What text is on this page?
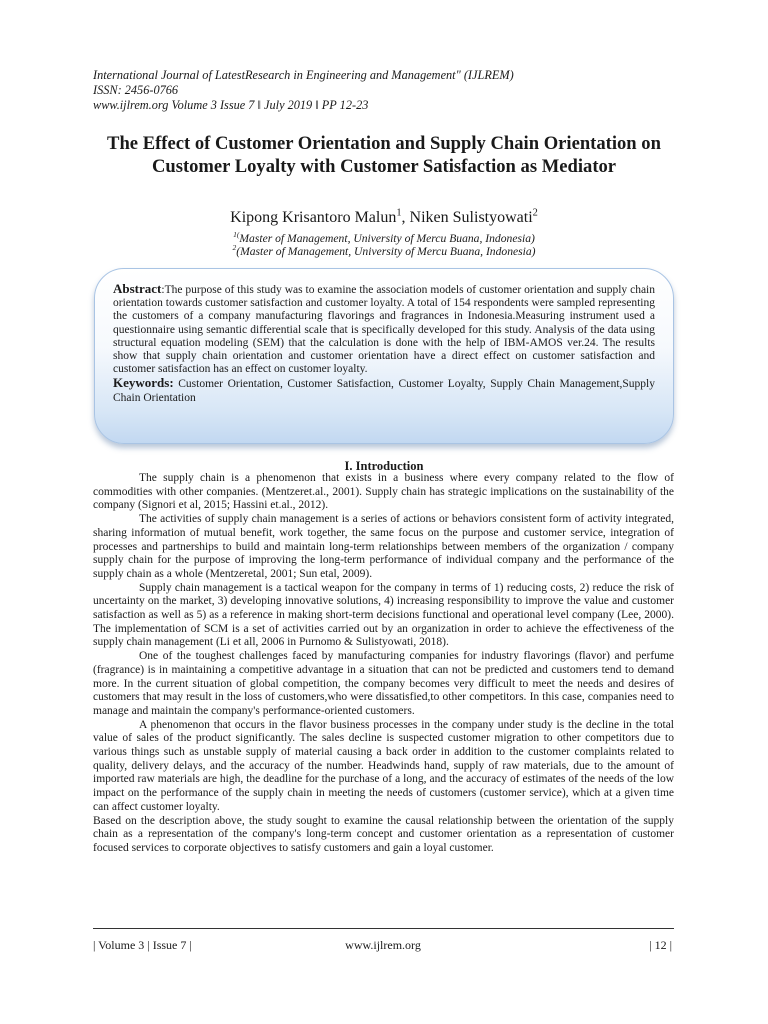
International Journal of LatestResearch in Engineering and Management" (IJLREM)
ISSN: 2456-0766
www.ijlrem.org Volume 3 Issue 7 ǁ July 2019 ǁ PP 12-23
The Effect of Customer Orientation and Supply Chain Orientation on Customer Loyalty with Customer Satisfaction as Mediator
Kipong Krisantoro Malun$^1$, Niken Sulistyowati$^2$
$^{1(}$Master of Management, University of Mercu Buana, Indonesia)
$^2$(Master of Management, University of Mercu Buana, Indonesia)

Abstract:The purpose of this study was to examine the association models of customer orientation and supply chain orientation towards customer satisfaction and customer loyalty. A total of 154 respondents were sampled representing the customers of a company manufacturing flavorings and fragrances in Indonesia.Measuring instrument used a questionnaire using semantic differential scale that is specifically developed for this study. Analysis of the data using structural equation modeling (SEM) that the calculation is done with the help of IBM-AMOS ver.24. The results show that supply chain orientation and customer orientation have a direct effect on customer satisfaction and customer satisfaction has an effect on customer loyalty.

Keywords: Customer Orientation, Customer Satisfaction, Customer Loyalty, Supply Chain Management,Supply Chain Orientation

I. Introduction

The supply chain is a phenomenon that exists in a business where every company related to the flow of commodities with other companies. (Mentzeret.al., 2001). Supply chain has strategic implications on the sustainability of the company (Signori et al, 2015; Hassini et.al., 2012).

The activities of supply chain management is a series of actions or behaviors consistent form of activity integrated, sharing information of mutual benefit, work together, the same focus on the purpose and customer service, integration of processes and partnerships to build and maintain long-term relationships between members of the organization / company supply chain for the purpose of improving the long-term performance of individual company and the performance of the supply chain as a whole (Mentzeretal, 2001; Sun etal, 2009).

Supply chain management is a tactical weapon for the company in terms of 1) reducing costs, 2) reduce the risk of uncertainty on the market, 3) developing innovative solutions, 4) increasing responsibility to improve the value and customer satisfaction as well as 5) as a reference in making short-term decisions functional and operational level company (Lee, 2000). The implementation of SCM is a set of activities carried out by an organization in order to achieve the effectiveness of the supply chain management (Li et all, 2006 in Purnomo & Sulistyowati, 2018).

One of the toughest challenges faced by manufacturing companies for industry flavorings (flavor) and perfume (fragrance) is in maintaining a competitive advantage in a situation that can not be predicted and customers tend to demand more. In the current situation of global competition, the company becomes very difficult to meet the needs and desires of customers that may result in the loss of customers,who were dissatisfied,to other competitors. In this case, companies need to manage and maintain the company's performance-oriented customers.

A phenomenon that occurs in the flavor business processes in the company under study is the decline in the total value of sales of the product significantly. The sales decline is suspected customer migration to other competitors due to various things such as unstable supply of material causing a back order in addition to the customer complaints related to quality, delivery delays, and the accuracy of the number. Headwinds hand, supply of raw materials, due to the amount of imported raw materials are high, the deadline for the purchase of a long, and the accuracy of estimates of the needs of the low impact on the performance of the supply chain in meeting the needs of customers (customer service), which at a given time can affect customer loyalty.

Based on the description above, the study sought to examine the causal relationship between the orientation of the supply chain as a representation of the company's long-term concept and customer orientation as a representation of customer focused services to corporate objectives to satisfy customers and gain a loyal customer.

| Volume 3 | Issue 7 |	www.ijlrem.org	| 12 |
